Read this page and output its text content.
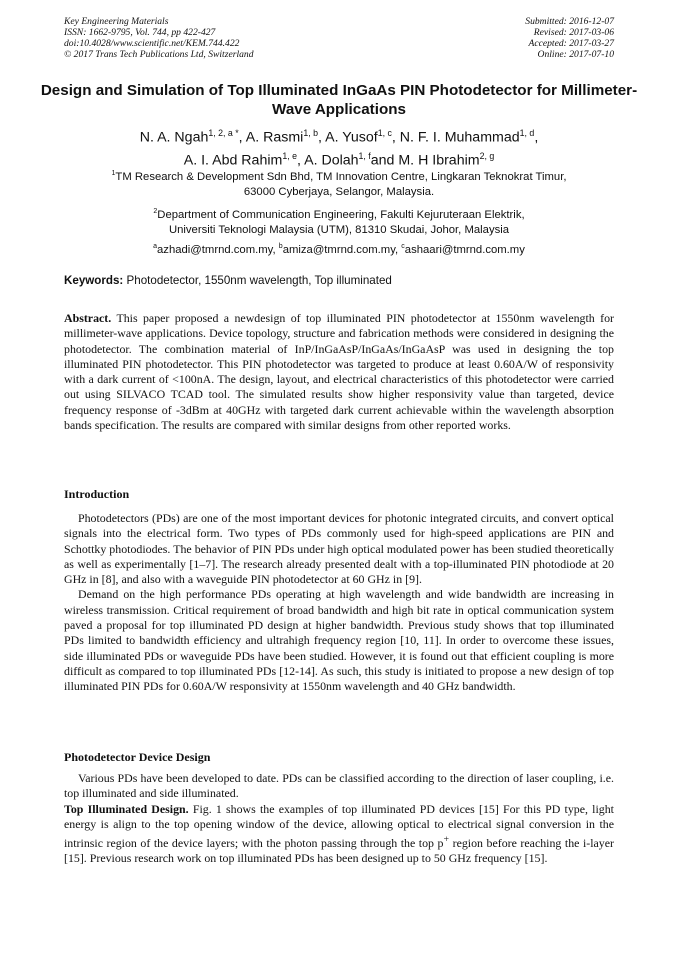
Key Engineering Materials
ISSN: 1662-9795, Vol. 744, pp 422-427
doi:10.4028/www.scientific.net/KEM.744.422
© 2017 Trans Tech Publications Ltd, Switzerland
Submitted: 2016-12-07
Revised: 2017-03-06
Accepted: 2017-03-27
Online: 2017-07-10
Design and Simulation of Top Illuminated InGaAs PIN Photodetector for Millimeter-Wave Applications
N. A. Ngah$^{1, 2, a *}$, A. Rasmi$^{1, b}$, A. Yusof$^{1, c}$, N. F. I. Muhammad$^{1, d}$,
A. I. Abd Rahim$^{1, e}$, A. Dolah$^{1, f}$and M. H Ibrahim$^{2, g}$
$^1$TM Research & Development Sdn Bhd, TM Innovation Centre, Lingkaran Teknokrat Timur,
63000 Cyberjaya, Selangor, Malaysia.
$^2$Department of Communication Engineering, Fakulti Kejuruteraan Elektrik,
Universiti Teknologi Malaysia (UTM), 81310 Skudai, Johor, Malaysia
$^a$azhadi@tmrnd.com.my, $^b$amiza@tmrnd.com.my, $^c$ashaari@tmrnd.com.my
Keywords: Photodetector, 1550nm wavelength, Top illuminated

Abstract. This paper proposed a newdesign of top illuminated PIN photodetector at 1550nm wavelength for millimeter-wave applications. Device topology, structure and fabrication methods were considered in designing the photodetector. The combination material of InP/InGaAsP/InGaAs/InGaAsP was used in designing the top illuminated PIN photodetector. This PIN photodetector was targeted to produce at least 0.60A/W of responsivity with a dark current of <100nA. The design, layout, and electrical characteristics of this photodetector were carried out using SILVACO TCAD tool. The simulated results show higher responsivity value than targeted, device frequency response of -3dBm at 40GHz with targeted dark current achievable within the wavelength absorption bands specification. The results are compared with similar designs from other reported works.

Introduction

Photodetectors (PDs) are one of the most important devices for photonic integrated circuits, and convert optical signals into the electrical form. Two types of PDs commonly used for high-speed applications are PIN and Schottky photodiodes. The behavior of PIN PDs under high optical modulated power has been studied theoretically as well as experimentally [1–7]. The research already presented dealt with a top-illuminated PIN photodiode at 20 GHz in [8], and also with a waveguide PIN photodetector at 60 GHz in [9].

Demand on the high performance PDs operating at high wavelength and wide bandwidth are increasing in wireless transmission. Critical requirement of broad bandwidth and high bit rate in optical communication system paved a proposal for top illuminated PD design at higher bandwidth. Previous study shows that top illuminated PDs limited to bandwidth efficiency and ultrahigh frequency region [10, 11]. In order to overcome these issues, side illuminated PDs or waveguide PDs have been studied. However, it is found out that efficient coupling is more difficult as compared to top illuminated PDs [12-14]. As such, this study is initiated to propose a new design of top illuminated PIN PDs for 0.60A/W responsivity at 1550nm wavelength and 40 GHz bandwidth.

Photodetector Device Design

Various PDs have been developed to date. PDs can be classified according to the direction of laser coupling, i.e. top illuminated and side illuminated.

Top Illuminated Design. Fig. 1 shows the examples of top illuminated PD devices [15] For this PD type, light energy is align to the top opening window of the device, allowing optical to electrical signal conversion in the intrinsic region of the device layers; with the photon passing through the top p+ region before reaching the i-layer [15]. Previous research work on top illuminated PDs has been designed up to 50 GHz frequency [15].
